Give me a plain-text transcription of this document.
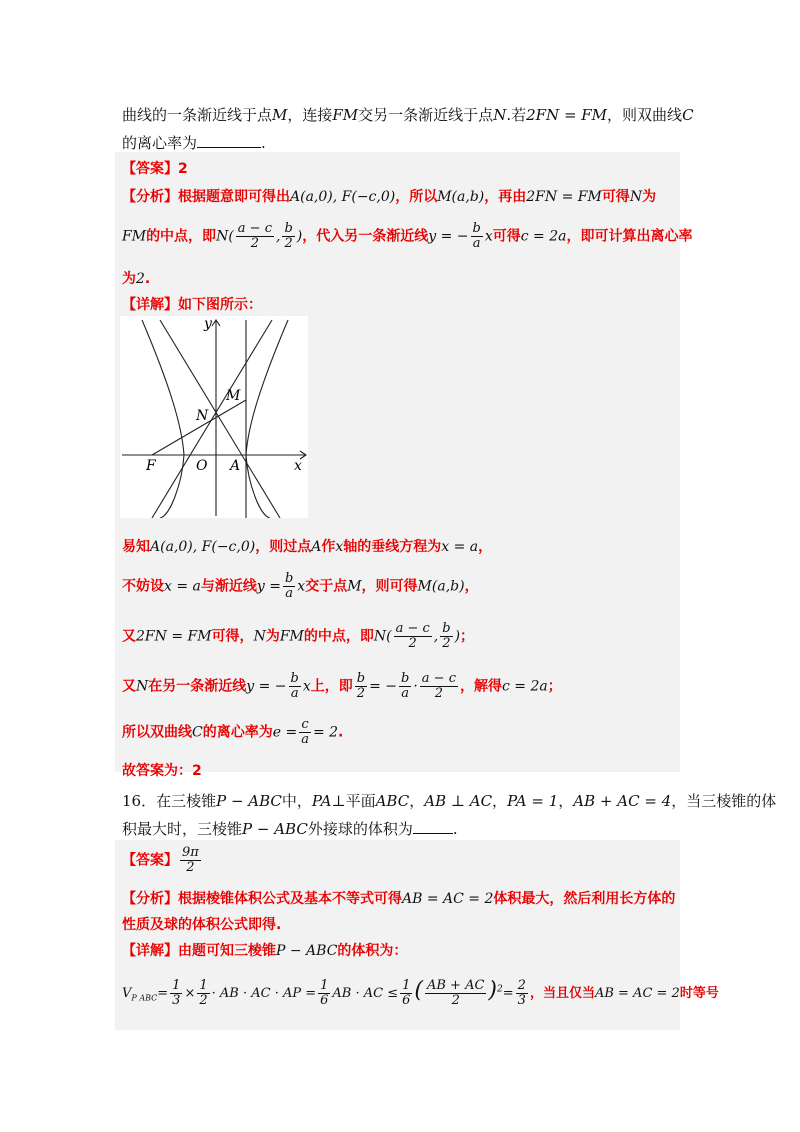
曲线的一条渐近线于点M，连接FM交另一条渐近线于点N.若2FN = FM，则双曲线C
的离心率为	.
【答案】2
【分析】根据题意即可得出A(a,0), F(−c,0)，所以M(a,b)，再由2FN = FM可得N为
FM的中点，即$N( \frac{a - c}{2}$ , $\frac{b}{2}$ )，代入另一条渐近线y = − $\frac{b}{a}$ x可得c = 2a，即可计算出离心率
为2.
【详解】如下图所示：
y
x
M
N
F	O A
易知A(a,0), F(−c,0)，则过点A作x轴的垂线方程为x = a，
不妨设x = a与渐近线$y = \frac{b}{a}$ x交于点M，则可得M(a,b)，
又2FN = FM可得，N为FM的中点，即$N( \frac{a - c}{2}$ , $\frac{b}{2}$ )；
又N在另一条渐近线y = − $\frac{b}{a}$ x上，即 $\frac{b}{2}$ = − $\frac{b}{a} \cdot \frac{a - c}{2}$ ，解得c = 2a；
所以双曲线C的离心率为$e = \frac{c}{a} = 2$.
故答案为：2
16．在三棱锥P − ABC中，PA⊥平面ABC，AB ⊥ AC，PA = 1，AB + AC = 4，当三棱锥的体
积最大时，三棱锥P − ABC外接球的体积为	.
【答案】 $\frac{9\pi}{2}$
【分析】根据棱锥体积公式及基本不等式可得AB = AC = 2体积最大，然后利用长方体的
性质及球的体积公式即得.
【详解】由题可知三棱锥P − ABC的体积为：
$V_{P ABC}= \frac{1}{3} \times \frac{1}{2}$ · AB · AC · AP = $\frac{1}{6}$ AB · AC ≤ $\frac{1}{6}$ ( $\frac{AB + AC}{2} )^2= \frac{2}{3}$ ，当且仅当AB = AC = 2时等号
